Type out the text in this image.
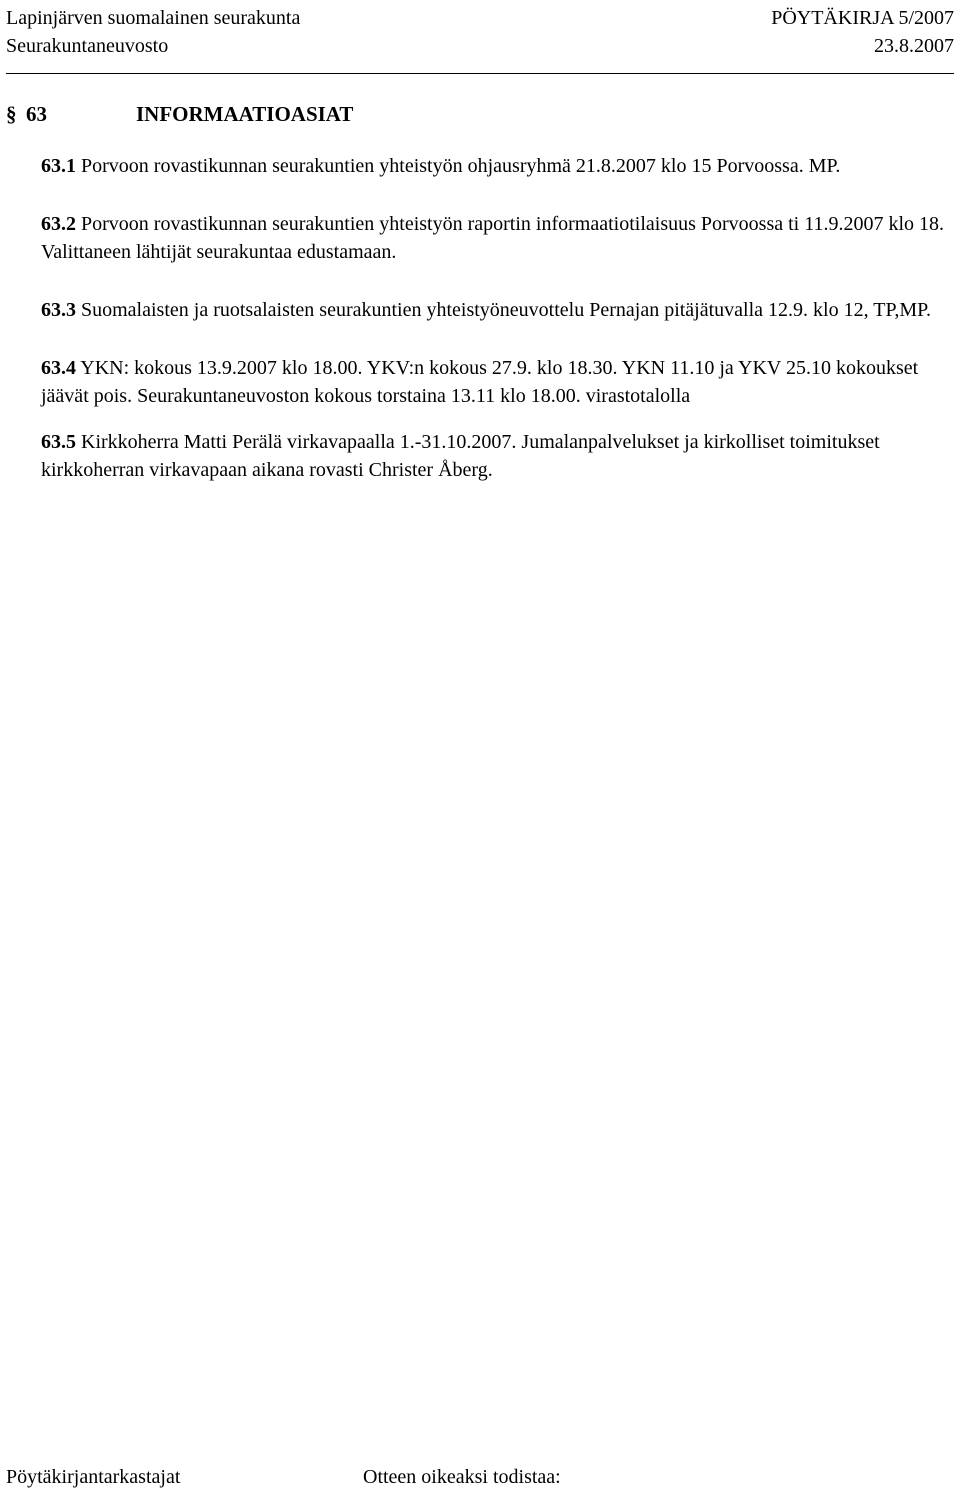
Lapinjärven suomalainen seurakunta	PÖYTÄKIRJA 5/2007
Seurakuntaneuvosto	23.8.2007
§ 63	INFORMAATIOASIAT
63.1 Porvoon rovastikunnan seurakuntien yhteistyön ohjausryhmä 21.8.2007 klo 15 Porvoossa. MP.
63.2 Porvoon rovastikunnan seurakuntien yhteistyön raportin informaatiotilaisuus Porvoossa ti 11.9.2007 klo 18. Valittaneen lähtijät seurakuntaa edustamaan.
63.3 Suomalaisten ja ruotsalaisten seurakuntien yhteistyöneuvottelu Pernajan pitäjätuvalla 12.9. klo 12, TP,MP.
63.4 YKN: kokous 13.9.2007 klo 18.00. YKV:n kokous 27.9. klo 18.30. YKN 11.10 ja YKV 25.10 kokoukset jäävät pois. Seurakuntaneuvoston kokous torstaina 13.11 klo 18.00. virastotalolla
63.5 Kirkkoherra Matti Perälä virkavapaalla 1.-31.10.2007. Jumalanpalvelukset ja kirkolliset toimitukset kirkkoherran virkavapaan aikana rovasti Christer Åberg.
Pöytäkirjantarkastajat	Otteen oikeaksi todistaa:
